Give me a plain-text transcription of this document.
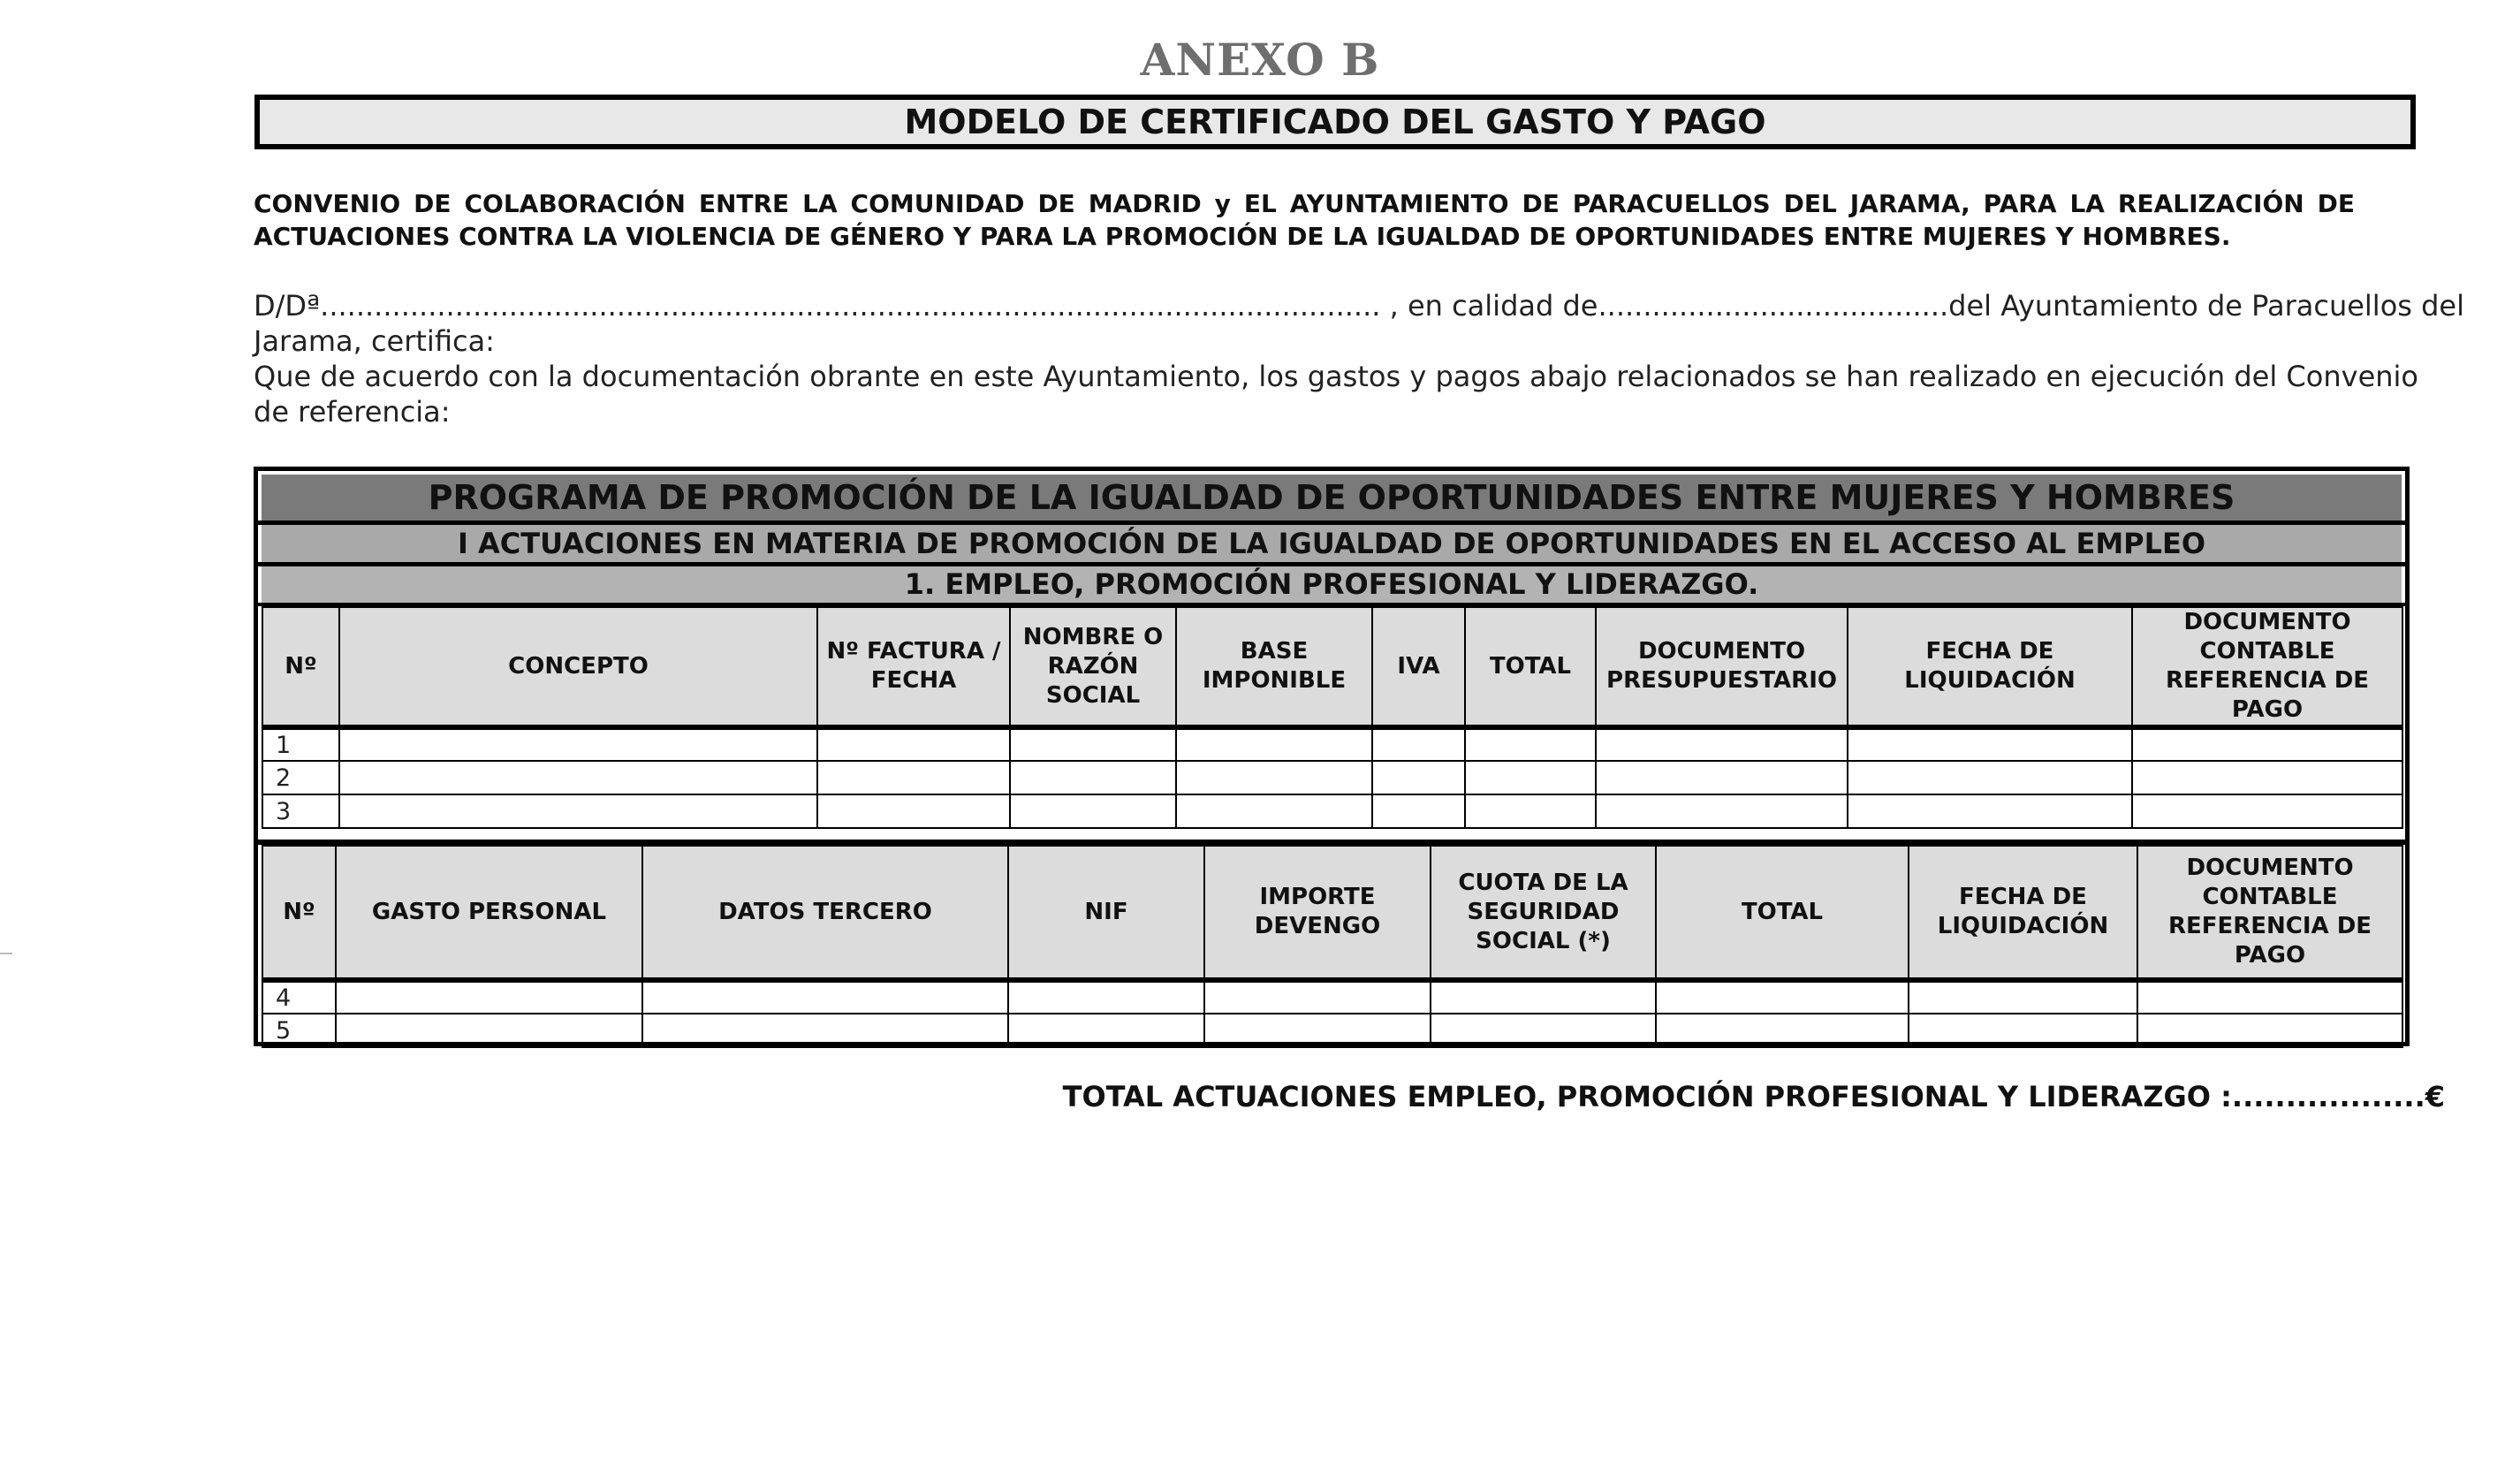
ANEXO B
MODELO DE CERTIFICADO DEL GASTO Y PAGO
CONVENIO DE COLABORACIÓN ENTRE LA COMUNIDAD DE MADRID y EL AYUNTAMIENTO DE PARACUELLOS DEL JARAMA, PARA LA REALIZACIÓN DE ACTUACIONES CONTRA LA VIOLENCIA DE GÉNERO Y PARA LA PROMOCIÓN DE LA IGUALDAD DE OPORTUNIDADES ENTRE MUJERES Y HOMBRES.
D/Dª...................................................................................................................... , en calidad de.......................................del Ayuntamiento de Paracuellos del
Jarama, certifica:
Que de acuerdo con la documentación obrante en este Ayuntamiento, los gastos y pagos abajo relacionados se han realizado en ejecución del Convenio de referencia:
PROGRAMA DE PROMOCIÓN DE LA IGUALDAD DE OPORTUNIDADES ENTRE MUJERES Y HOMBRES
I ACTUACIONES EN MATERIA DE PROMOCIÓN DE LA IGUALDAD DE OPORTUNIDADES EN EL ACCESO AL EMPLEO
1. EMPLEO, PROMOCIÓN PROFESIONAL Y LIDERAZGO.
Nº	CONCEPTO	Nº FACTURA / FECHA	NOMBRE O RAZÓN SOCIAL	BASE IMPONIBLE	IVA	TOTAL	DOCUMENTO PRESUPUESTARIO	FECHA DE LIQUIDACIÓN	DOCUMENTO CONTABLE REFERENCIA DE PAGO
1									
2									
3									
Nº	GASTO PERSONAL	DATOS TERCERO	NIF	IMPORTE DEVENGO	CUOTA DE LA SEGURIDAD SOCIAL (*)	TOTAL	FECHA DE LIQUIDACIÓN	DOCUMENTO CONTABLE REFERENCIA DE PAGO
4								
5								
TOTAL ACTUACIONES EMPLEO, PROMOCIÓN PROFESIONAL Y LIDERAZGO :..................€
